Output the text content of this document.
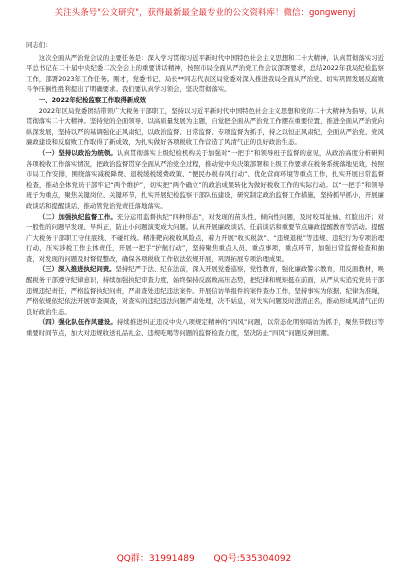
关注头条号"公文研究"，获得最新最全最专业的公文资料库！微信：gongwenyj

同志们：

这次全面从严治党会议的主要任务是：深入学习贯彻习近平新时代中国特色社会主义思想和二十大精神，认真贯彻落实习近平总书记在二十届中央纪委二次全会上的重要讲话精神，按照市局全面从严治党工作会议部署要求，总结2022年我局纪检监察工作，部署2023年工作任务。刚才，党委书记、局长**同志代表区局党委对深入推进我局全面从严治党、切实巩固发展反腐败斗争压倒性胜利提出了明确要求。我们要认真学习领会，坚决贯彻落实。

一、2022年纪检监察工作取得新成效

2022年区局党委团结带领广大税务干部职工，坚持以习近平新时代中国特色社会主义思想和党的二十大精神为指导，认真贯彻落实二十大精神。坚持党的全面领导，以高质量发展为主题，自觉把全面从严治党工作摆在重要位置，推进全面从严治党向纵深发展，坚持以严的基调强化正风肃纪，以政治监督、日常监督、专项监督为抓手，持之以恒正风肃纪，全面从严治党、党风廉政建设和反腐败工作取得了新成效，为扎实做好各项税收工作营造了风清气正的良好政治生态。

（一）坚持以政治为统领。认真贯彻落实上级纪检机构关于加强对“一把手”和领导班子监督的意见，从政治高度分析研判各项税收工作落实情况，把政治监督贯穿全面从严治党全过程，推动党中央决策部署和上级工作要求在税务系统落地见效，按照市局工作安排，围绕落实减税降费、退税缓税缓费政策、“便民办税春风行动”、优化营商环境等重点工作，扎实开展日常监督检查，推动全体党员干部牢记“两个维护”，切实把“两个确立”的政治成果转化为做好税收工作的实际行动。以“一把手”和领导班子为重点，聚焦关键岗位、关键环节，扎实开展纪检监察干部队伍建设，研究制定政治监督工作措施，坚持抓早抓小，开展廉政谈话和提醒谈话，推动管党治党责任落地落实。

（二）加强执纪监督工作。充分运用监督执纪“四种形态”，对发现的苗头性、倾向性问题，及时咬耳扯袖、红脸出汗；对一般性的问题早发现、早纠正，防止小问题演变成大问题。认真开展廉政谈话、任前谈话和重要节点廉政提醒教育等活动。提醒广大税务干部职工守住底线、不碰红线。精准靶向税收风险点，着力开展“收买税款”、“违规退税”等违规、违纪行为专项治理行动，压实涉税工作主体责任，开展一把手“护航行动”，坚持聚焦重点人员、重点事项、重点环节，加强日常监督检查和抽查，对发现的问题及时督促整改，确保各项税收工作依法依规开展，巩固拓展专项治理成果。

（三）深入推进执纪问责。坚持纪严于法、纪在法前，深入开展党委巡察，党性教育，强化廉政警示教育，用反面教材，唤醒税务干部遵守纪律意识，持续加强执纪审查力度，始终保持反腐败高压态势，把纪律和规矩挺在前面，从严从实追究党员干部违规违纪责任，严格监督执纪问责，严肃查处违纪违法案件。开展信访举报件的案件查办工作，坚持事实为依据、纪律为准绳，严格依规依纪依法开展审查调查，对查实的违纪违法问题严肃处理，决不姑息，对失实问题及时澄清正名，推动形成风清气正的良好政治生态。

（四）强化队伍作风建设。持续推进纠正违反中央八项规定精神的“四风”问题，以常态化明察暗访为抓手，聚焦节假日等重要时间节点，加大对违规收送礼品礼金、违规吃喝等问题的监督检查力度，坚决防止“四风”问题反弹回潮。

QQ群：31991489 QQ号:535304092
